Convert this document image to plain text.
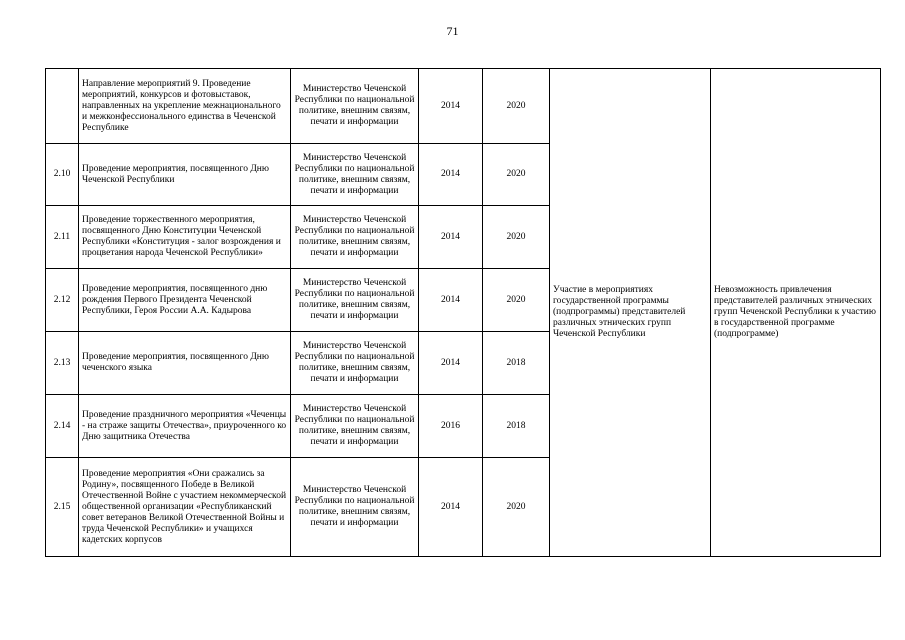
71
	Направление мероприятий 9. Проведение мероприятий, конкурсов и фотовыставок, направленных на укрепление межнационального и межконфессионального единства в Чеченской Республике	Министерство Чеченской Республики по национальной политике, внешним связям, печати и информации	2014	2020	Участие в мероприятиях государственной программы (подпрограммы) представителей различных этнических групп Чеченской Республики	Невозможность привлечения представителей различных этнических групп Чеченской Республики к участию в государственной программе (подпрограмме)
2.10	Проведение мероприятия, посвященного Дню Чеченской Республики	Министерство Чеченской Республики по национальной политике, внешним связям, печати и информации	2014	2020		
2.11	Проведение торжественного мероприятия, посвященного Дню Конституции Чеченской Республики «Конституция - залог возрождения и процветания народа Чеченской Республики»	Министерство Чеченской Республики по национальной политике, внешним связям, печати и информации	2014	2020		
2.12	Проведение мероприятия, посвященного дню рождения Первого Президента Чеченской Республики, Героя России А.А. Кадырова	Министерство Чеченской Республики по национальной политике, внешним связям, печати и информации	2014	2020		
2.13	Проведение мероприятия, посвященного Дню чеченского языка	Министерство Чеченской Республики по национальной политике, внешним связям, печати и информации	2014	2018		
2.14	Проведение праздничного мероприятия «Чеченцы - на страже защиты Отечества», приуроченного ко Дню защитника Отечества	Министерство Чеченской Республики по национальной политике, внешним связям, печати и информации	2016	2018		
2.15	Проведение мероприятия «Они сражались за Родину», посвященного Победе в Великой Отечественной Войне с участием некоммерческой общественной организации «Республиканский совет ветеранов Великой Отечественной Войны и труда Чеченской Республики» и учащихся кадетских корпусов	Министерство Чеченской Республики по национальной политике, внешним связям, печати и информации	2014	2020		
